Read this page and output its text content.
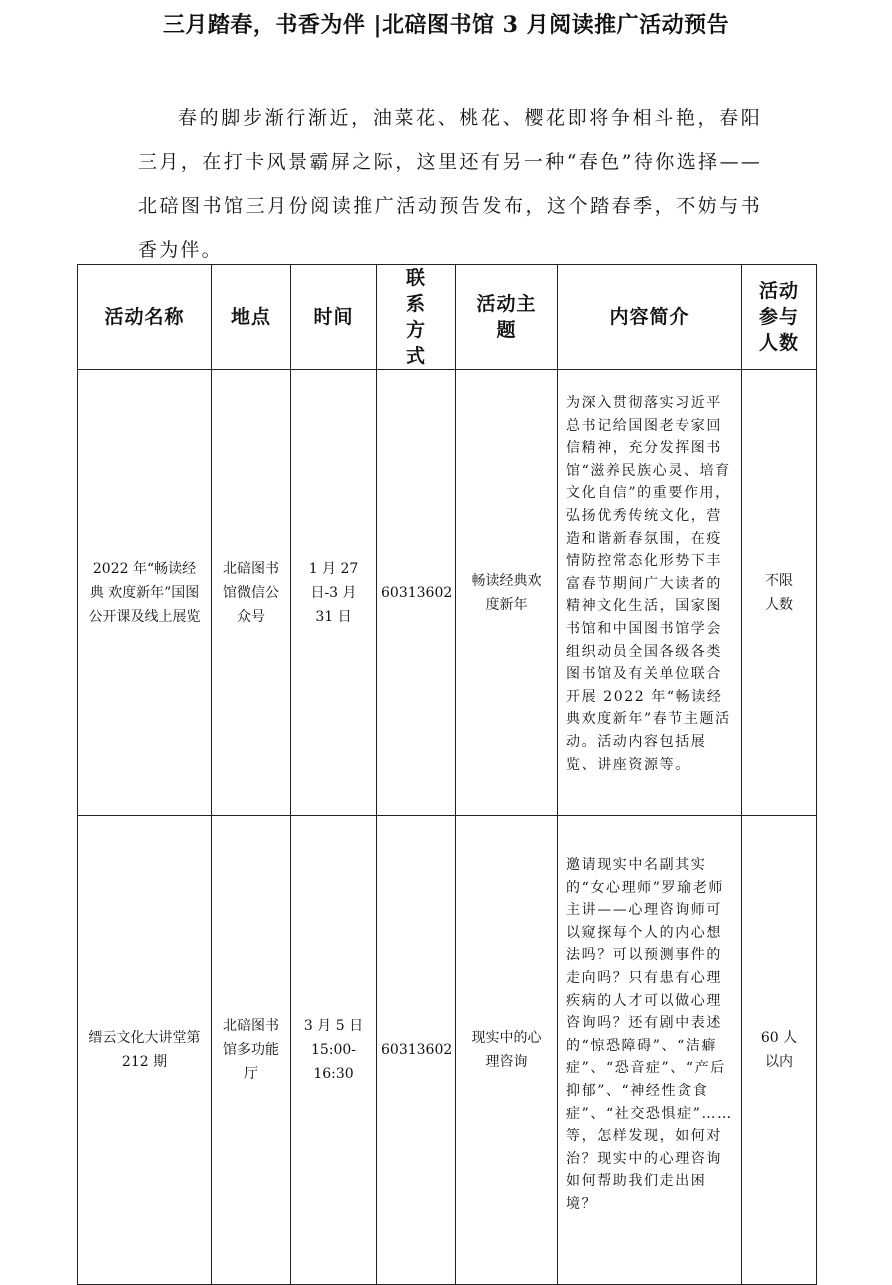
三月踏春，书香为伴 |北碚图书馆 3 月阅读推广活动预告

春的脚步渐行渐近，油菜花、桃花、樱花即将争相斗艳，春阳三月，在打卡风景霸屏之际，这里还有另一种“春色”待你选择——北碚图书馆三月份阅读推广活动预告发布，这个踏春季，不妨与书香为伴。

活动名称	地点	时间	联系方式	活动主题	内容简介	活动参与人数
2022 年“畅读经典 欢度新年”国图公开课及线上展览	北碚图书馆微信公众号	1 月 27 日-3 月 31 日	60313602	畅读经典欢度新年	为深入贯彻落实习近平总书记给国图老专家回信精神，充分发挥图书馆“滋养民族心灵、培育文化自信”的重要作用，弘扬优秀传统文化，营造和谐新春氛围，在疫情防控常态化形势下丰富春节期间广大读者的精神文化生活，国家图书馆和中国图书馆学会组织动员全国各级各类图书馆及有关单位联合开展 2022 年“畅读经典欢度新年”春节主题活动。活动内容包括展览、讲座资源等。	不限人数
缙云文化大讲堂第 212 期	北碚图书馆多功能厅	3 月 5 日 15:00-16:30	60313602	现实中的心理咨询	邀请现实中名副其实的“女心理师”罗瑜老师主讲——心理咨询师可以窥探每个人的内心想法吗？可以预测事件的走向吗？只有患有心理疾病的人才可以做心理咨询吗？还有剧中表述的“惊恐障碍”、“洁癖症”、“恐音症”、“产后抑郁”、“神经性贪食症”、“社交恐惧症”……等，怎样发现，如何对治？现实中的心理咨询如何帮助我们走出困境？	60 人以内
